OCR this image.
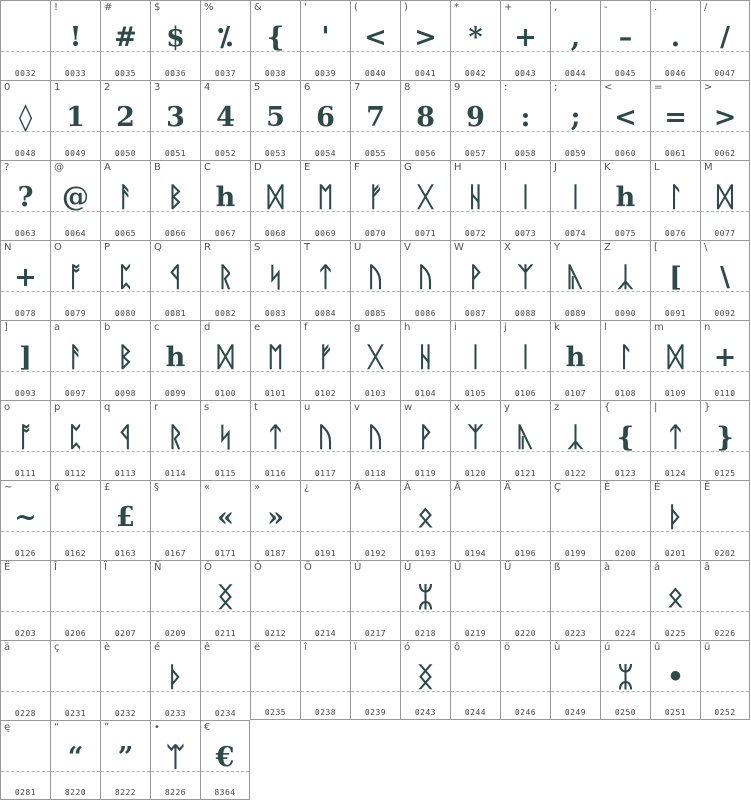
0032
!
!
0033
#
#
0035
$
$
0036
%
⁒
0037
&
{
0038
'
'
0039
(
<
0040
)
>
0041
*
*
0042
+
+
0043
,
,
0044
-
–
0045
.
.
0046
/
/
0047
0
◊
0048
1
1
0049
2
2
0050
3
3
0051
4
4
0052
5
5
0053
6
6
0054
7
7
0055
8
8
0056
9
9
0057
:
:
0058
;
;
0059
<
<
0060
=
=
0061
>
>
0062
?
?
0063
@
@
0064
A
ᚨ
0065
B
ᛒ
0066
C
h
0067
D
ᛞ
0068
E
ᛖ
0069
F
ᚠ
0070
G
ᚷ
0071
H
ᚺ
0072
I
ᛁ
0073
J
ᛁ
0074
K
h
0075
L
ᛚ
0076
M
ᛞ
0077
N
+
0078
O
ᚩ
0079
P
ᛈ
0080
Q
ᛩ
0081
R
ᚱ
0082
S
ᛋ
0083
T
ᛏ
0084
U
ᚢ
0085
V
ᚢ
0086
W
ᚹ
0087
X
ᛉ
0088
Y
ᚣ
0089
Z
ᛣ
0090
[
[
0091
\
\
0092
]
]
0093
a
ᚨ
0097
b
ᛒ
0098
c
h
0099
d
ᛞ
0100
e
ᛖ
0101
f
ᚠ
0102
g
ᚷ
0103
h
ᚺ
0104
i
ᛁ
0105
j
ᛁ
0106
k
h
0107
l
ᛚ
0108
m
ᛞ
0109
n
+
0110
o
ᚩ
0111
p
ᛈ
0112
q
ᛩ
0113
r
ᚱ
0114
s
ᛋ
0115
t
ᛏ
0116
u
ᚢ
0117
v
ᚢ
0118
w
ᚹ
0119
x
ᛉ
0120
y
ᚣ
0121
z
ᛣ
0122
{
{
0123
|
ᛏ
0124
}
}
0125
~
~
0126
¢
0162
£
£
0163
§
0167
«
«
0171
»
»
0187
¿
0191
À
0192
Á
ᛟ
0193
Â
0194
Ä
0196
Ç
0199
È
0200
É
ᚦ
0201
Ê
0202
Ë
0203
Î
0206
Ï
0207
Ñ
0209
Ó
ᛝ
0211
Ô
0212
Ö
0214
Ù
0217
Ú
ᛯ
0218
Û
0219
Ü
0220
ß
0223
à
0224
á
ᛟ
0225
â
0226
ä
0228
ç
0231
è
0232
é
ᚦ
0233
ê
0234
ë
0235
î
0238
ï
0239
ó
ᛝ
0243
ô
0244
ö
0246
ù
0249
ú
ᛯ
0250
û
•
0251
ü
0252
ę
0281
“
“
8220
”
”
8222
•
ᛠ
8226
€
€
8364
